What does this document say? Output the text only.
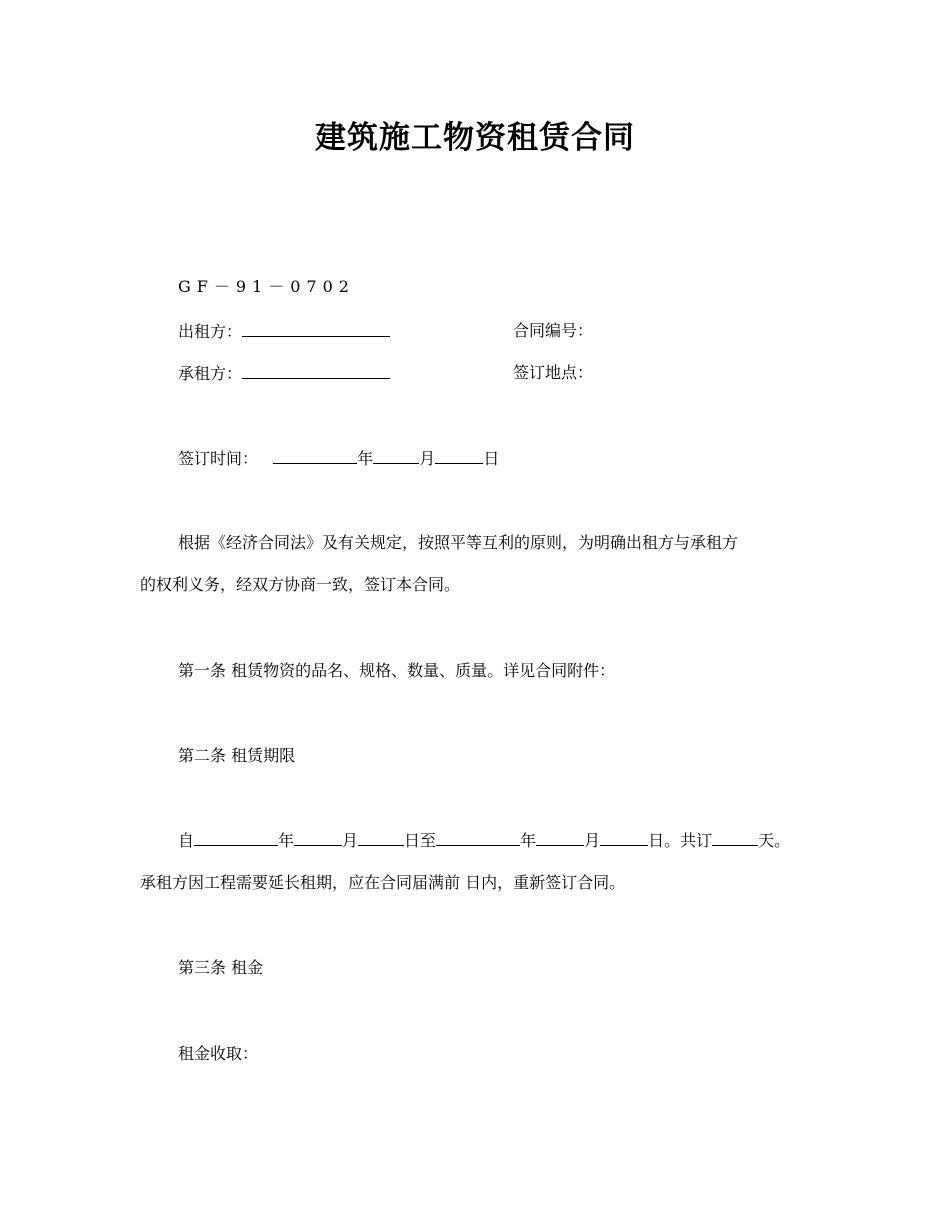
建筑施工物资租赁合同
GF－91－0702
出租方：	合同编号：
承租方：	签订地点：
签订时间：	年	月	日
根据《经济合同法》及有关规定，按照平等互利的原则，为明确出租方与承租方
的权利义务，经双方协商一致，签订本合同。
第一条 租赁物资的品名、规格、数量、质量。详见合同附件：
第二条 租赁期限
自	年	月	日至	年	月	日。共订	天。
承租方因工程需要延长租期，应在合同届满前 日内，重新签订合同。
第三条 租金
租金收取：
